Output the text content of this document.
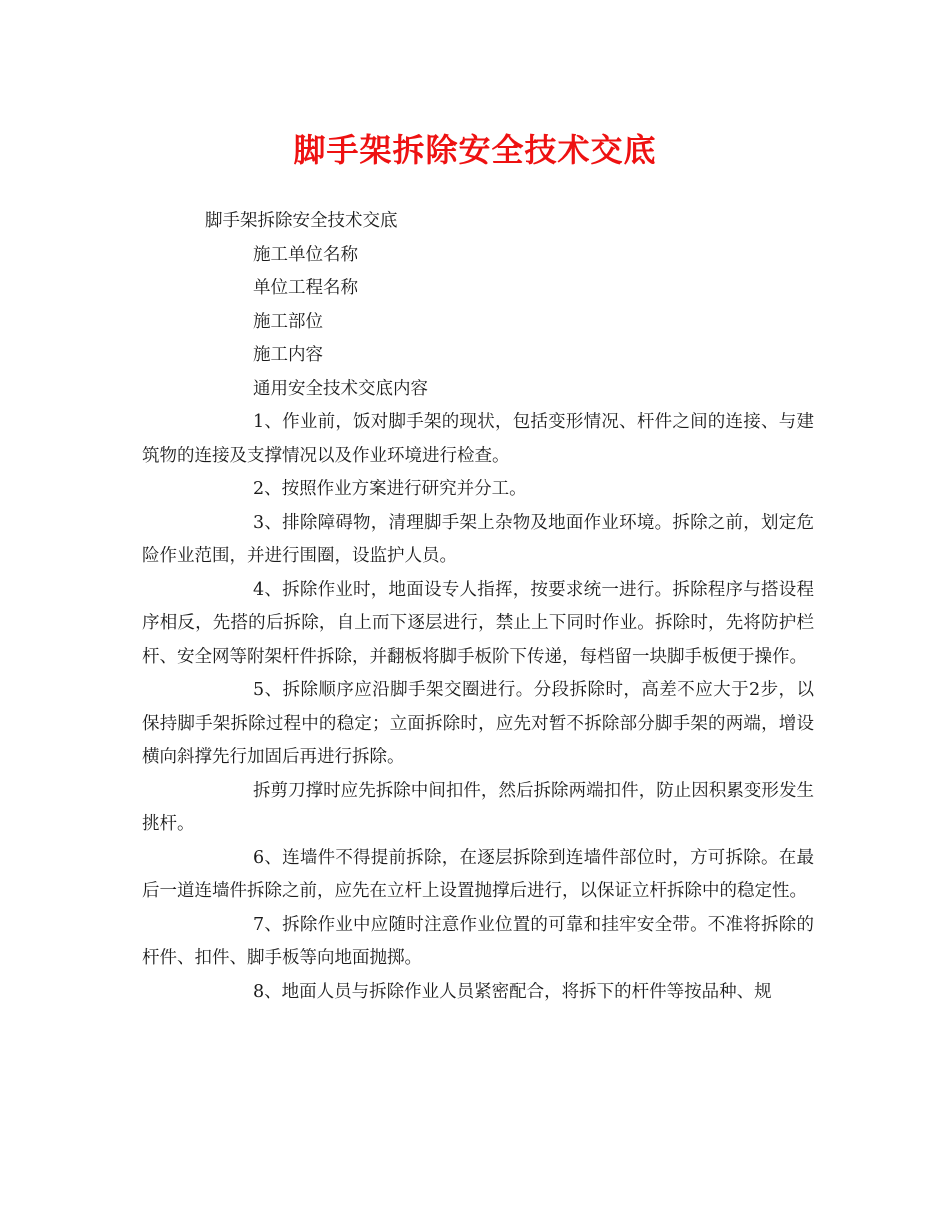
脚手架拆除安全技术交底

脚手架拆除安全技术交底

施工单位名称

单位工程名称

施工部位

施工内容

通用安全技术交底内容

1、作业前，饭对脚手架的现状，包括变形情况、杆件之间的连接、与建筑物的连接及支撑情况以及作业环境进行检查。

2、按照作业方案进行研究并分工。

3、排除障碍物，清理脚手架上杂物及地面作业环境。拆除之前，划定危险作业范围，并进行围圈，设监护人员。

4、拆除作业时，地面设专人指挥，按要求统一进行。拆除程序与搭设程序相反，先搭的后拆除，自上而下逐层进行，禁止上下同时作业。拆除时，先将防护栏杆、安全网等附架杆件拆除，并翻板将脚手板阶下传递，每档留一块脚手板便于操作。

5、拆除顺序应沿脚手架交圈进行。分段拆除时，高差不应大于2步，以保持脚手架拆除过程中的稳定；立面拆除时，应先对暂不拆除部分脚手架的两端，增设横向斜撑先行加固后再进行拆除。

拆剪刀撑时应先拆除中间扣件，然后拆除两端扣件，防止因积累变形发生挑杆。

6、连墙件不得提前拆除，在逐层拆除到连墙件部位时，方可拆除。在最后一道连墙件拆除之前，应先在立杆上设置抛撑后进行，以保证立杆拆除中的稳定性。

7、拆除作业中应随时注意作业位置的可靠和挂牢安全带。不准将拆除的杆件、扣件、脚手板等向地面抛掷。

8、地面人员与拆除作业人员紧密配合，将拆下的杆件等按品种、规
